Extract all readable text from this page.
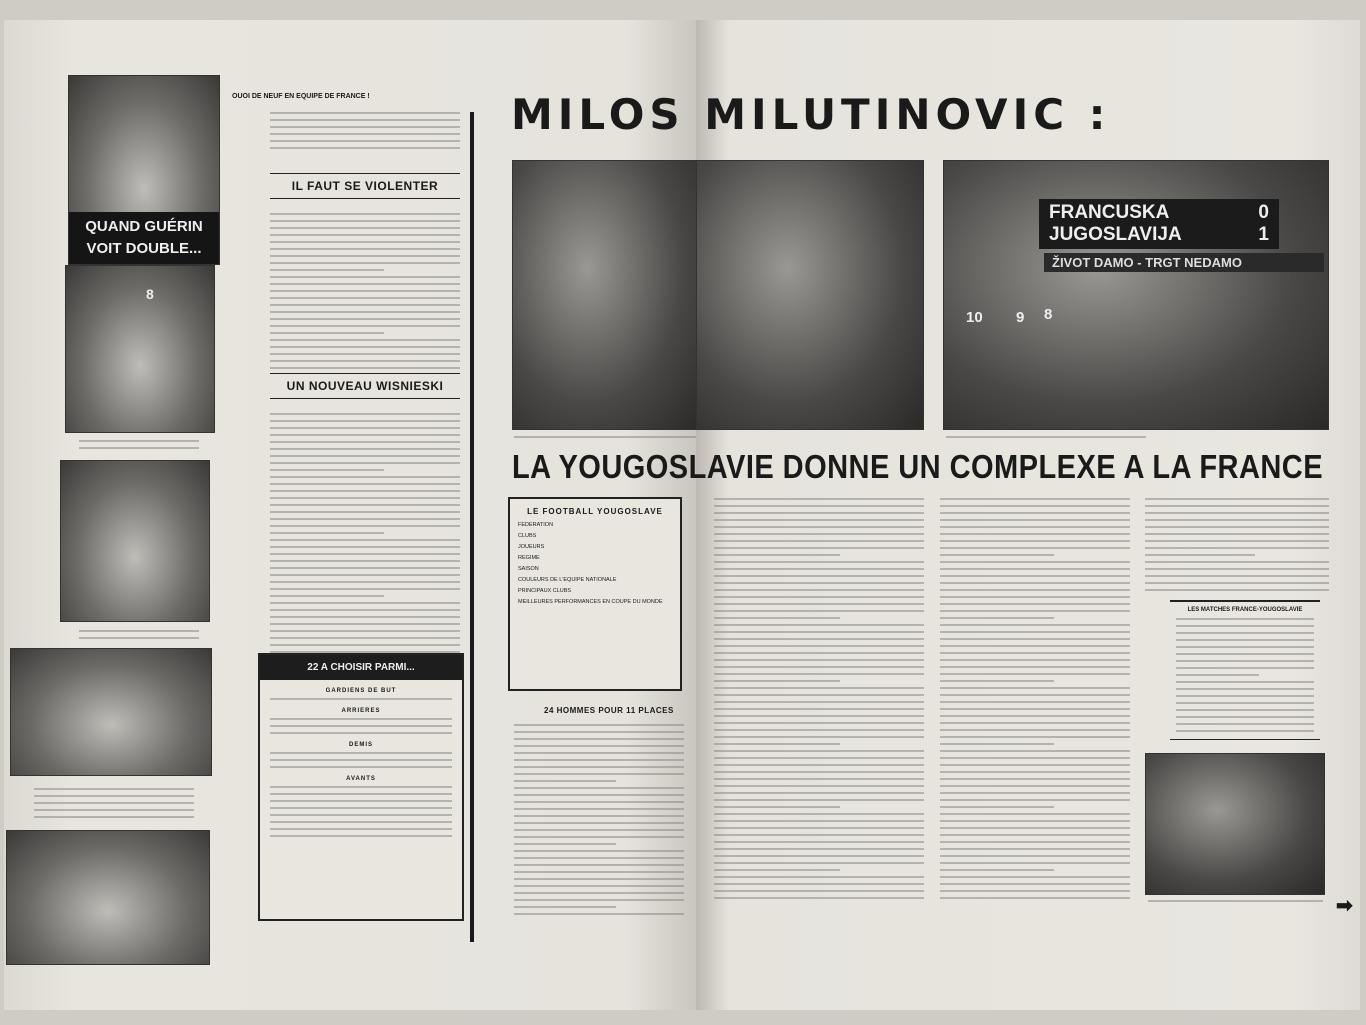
QUAND GUÉRIN VOIT DOUBLE...
8
OUOI DE NEUF EN EQUIPE DE FRANCE !
IL FAUT SE VIOLENTER
UN NOUVEAU WISNIESKI
22 A CHOISIR PARMI...
GARDIENS DE BUT
ARRIERES
DEMIS
AVANTS
LE FOOTBALL YOUGOSLAVE
FEDERATION
CLUBS
JOUEURS
REGIME
SAISON
COULEURS DE L'EQUIPE NATIONALE
PRINCIPAUX CLUBS
MEILLEURES PERFORMANCES EN COUPE DU MONDE
24 HOMMES POUR 11 PLACES
FRANCUSKA	0
JUGOSLAVIJA	1
ŽIVOT DAMO - TRGT NEDAMO
10 9 8
LES MATCHES FRANCE-YOUGOSLAVIE
➡
MILOS MILUTINOVIC :
LA YOUGOSLAVIE DONNE UN COMPLEXE A LA FRANCE
